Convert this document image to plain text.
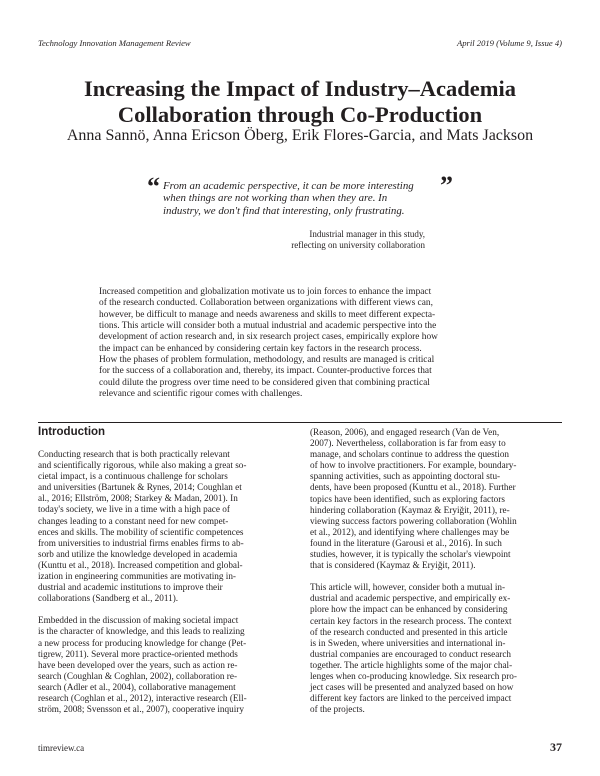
Technology Innovation Management Review	April 2019 (Volume 9, Issue 4)
Increasing the Impact of Industry–Academia
Collaboration through Co-Production
Anna Sannö, Anna Ericson Öberg, Erik Flores-Garcia, and Mats Jackson
“	”
From an academic perspective, it can be more interesting
when things are not working than when they are. In
industry, we don't find that interesting, only frustrating.
Industrial manager in this study,
reflecting on university collaboration
Increased competition and globalization motivate us to join forces to enhance the impact
of the research conducted. Collaboration between organizations with different views can,
however, be difficult to manage and needs awareness and skills to meet different expecta-
tions. This article will consider both a mutual industrial and academic perspective into the
development of action research and, in six research project cases, empirically explore how
the impact can be enhanced by considering certain key factors in the research process.
How the phases of problem formulation, methodology, and results are managed is critical
for the success of a collaboration and, thereby, its impact. Counter-productive forces that
could dilute the progress over time need to be considered given that combining practical
relevance and scientific rigour comes with challenges.
Introduction
Conducting research that is both practically relevant
and scientifically rigorous, while also making a great so-
cietal impact, is a continuous challenge for scholars
and universities (Bartunek & Rynes, 2014; Coughlan et
al., 2016; Ellström, 2008; Starkey & Madan, 2001). In
today's society, we live in a time with a high pace of
changes leading to a constant need for new compet-
ences and skills. The mobility of scientific competences
from universities to industrial firms enables firms to ab-
sorb and utilize the knowledge developed in academia
(Kunttu et al., 2018). Increased competition and global-
ization in engineering communities are motivating in-
dustrial and academic institutions to improve their
collaborations (Sandberg et al., 2011).
Embedded in the discussion of making societal impact
is the character of knowledge, and this leads to realizing
a new process for producing knowledge for change (Pet-
tigrew, 2011). Several more practice-oriented methods
have been developed over the years, such as action re-
search (Coughlan & Coghlan, 2002), collaboration re-
search (Adler et al., 2004), collaborative management
research (Coghlan et al., 2012), interactive research (Ell-
ström, 2008; Svensson et al., 2007), cooperative inquiry
(Reason, 2006), and engaged research (Van de Ven,
2007). Nevertheless, collaboration is far from easy to
manage, and scholars continue to address the question
of how to involve practitioners. For example, boundary-
spanning activities, such as appointing doctoral stu-
dents, have been proposed (Kunttu et al., 2018). Further
topics have been identified, such as exploring factors
hindering collaboration (Kaymaz & Eryiğit, 2011), re-
viewing success factors powering collaboration (Wohlin
et al., 2012), and identifying where challenges may be
found in the literature (Garousi et al., 2016). In such
studies, however, it is typically the scholar's viewpoint
that is considered (Kaymaz & Eryiğit, 2011).
This article will, however, consider both a mutual in-
dustrial and academic perspective, and empirically ex-
plore how the impact can be enhanced by considering
certain key factors in the research process. The context
of the research conducted and presented in this article
is in Sweden, where universities and international in-
dustrial companies are encouraged to conduct research
together. The article highlights some of the major chal-
lenges when co-producing knowledge. Six research pro-
ject cases will be presented and analyzed based on how
different key factors are linked to the perceived impact
of the projects.
timreview.ca	37
